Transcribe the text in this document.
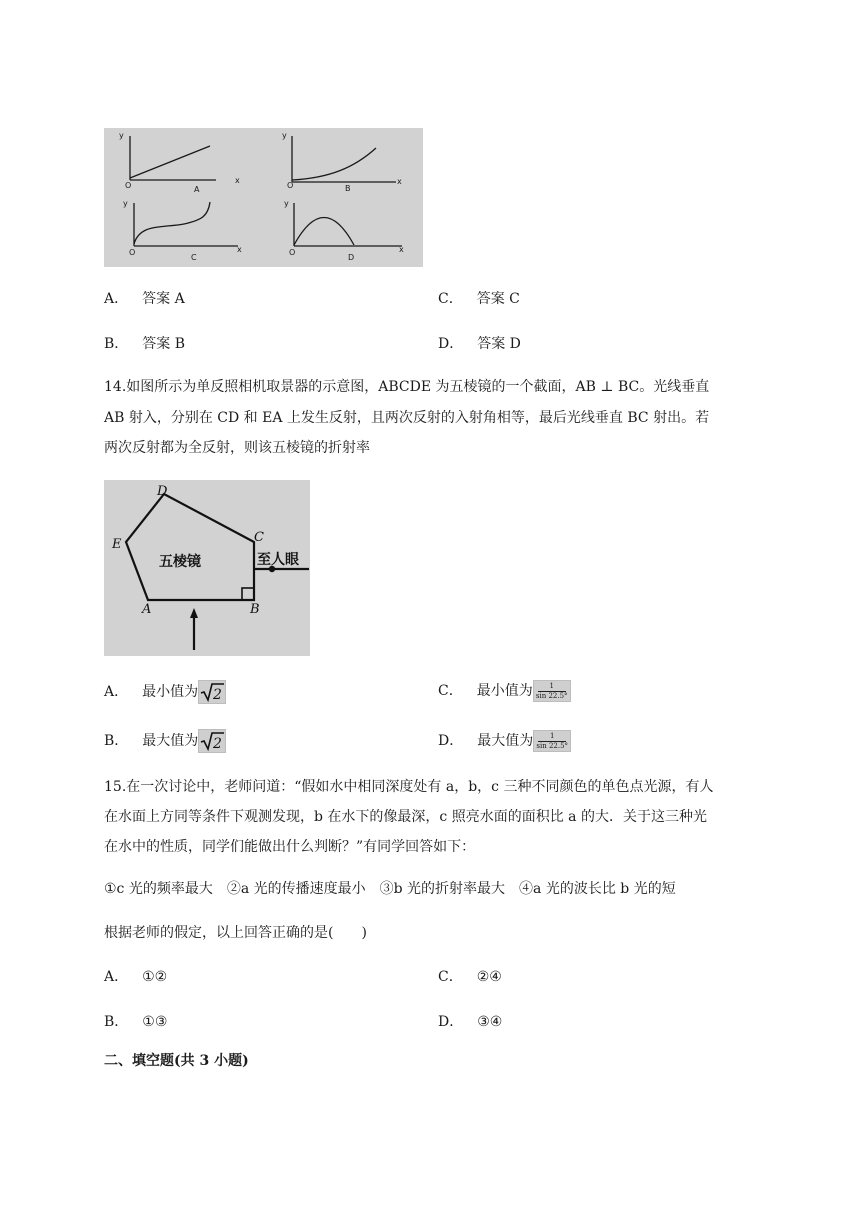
y
O
x
A
y
O	x
B
y
O	x
C
y
O	x
D
A． 答案 A	C． 答案 C
B． 答案 B	D． 答案 D
14.如图所示为单反照相机取景器的示意图，ABCDE 为五棱镜的一个截面，AB ⊥ BC。光线垂直
AB 射入，分别在 CD 和 EA 上发生反射，且两次反射的入射角相等，最后光线垂直 BC 射出。若
两次反射都为全反射，则该五棱镜的折射率
A	B
C
D
E
五棱镜	至人眼
A． 最小值为 2	C． 最小值为 $\frac{1}{\sin 22.5^\circ}$
B． 最大值为 2	D． 最大值为 $\frac{1}{\sin 22.5^\circ}$
15.在一次讨论中，老师问道：“假如水中相同深度处有 a，b，c 三种不同颜色的单色点光源，有人
在水面上方同等条件下观测发现，b 在水下的像最深，c 照亮水面的面积比 a 的大．关于这三种光
在水中的性质，同学们能做出什么判断？”有同学回答如下：
①c 光的频率最大　②a 光的传播速度最小　③b 光的折射率最大　④a 光的波长比 b 光的短
根据老师的假定，以上回答正确的是(　　)
A． ①②	C． ②④
B． ①③	D． ③④
二、填空题(共 3 小题)
